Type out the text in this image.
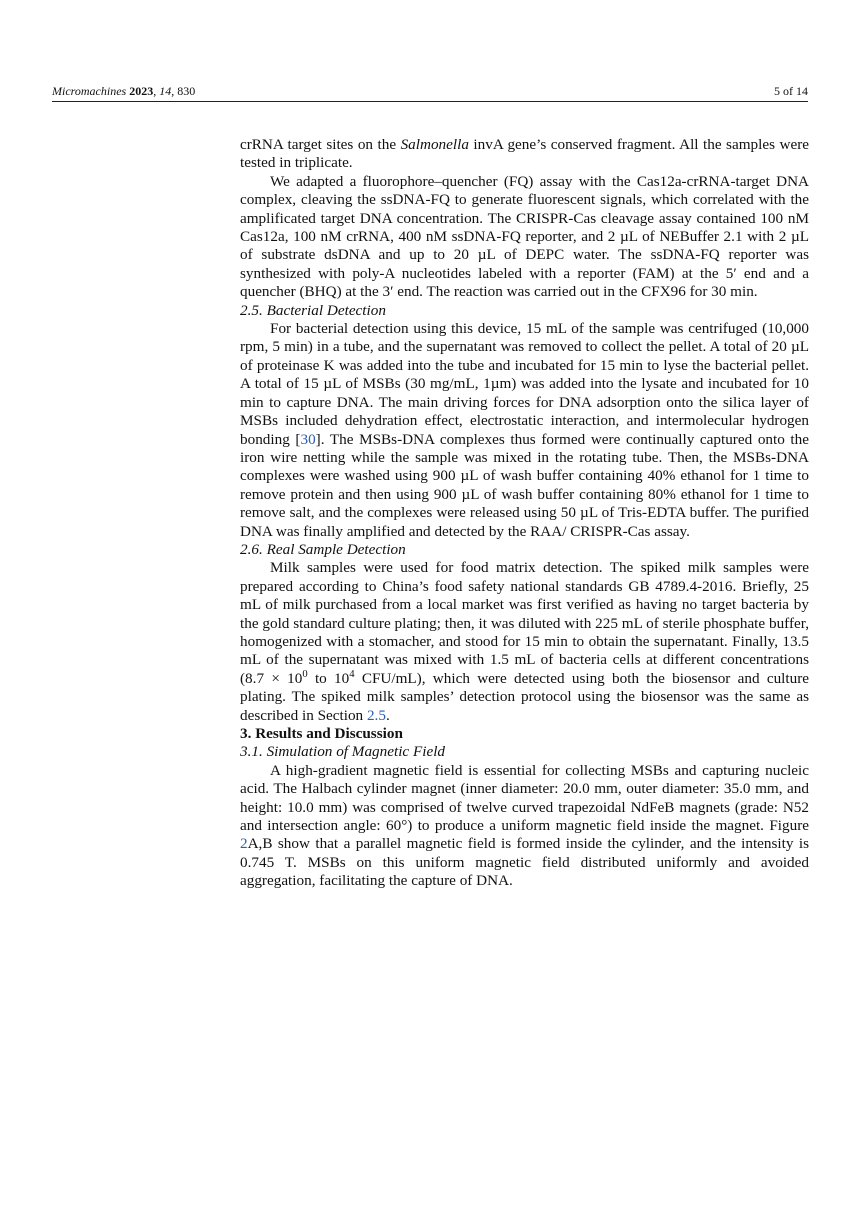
Micromachines 2023, 14, 830	5 of 14

crRNA target sites on the Salmonella invA gene’s conserved fragment. All the samples were tested in triplicate.

We adapted a fluorophore–quencher (FQ) assay with the Cas12a-crRNA-target DNA complex, cleaving the ssDNA-FQ to generate fluorescent signals, which correlated with the amplificated target DNA concentration. The CRISPR-Cas cleavage assay contained 100 nM Cas12a, 100 nM crRNA, 400 nM ssDNA-FQ reporter, and 2 µL of NEBuffer 2.1 with 2 µL of substrate dsDNA and up to 20 µL of DEPC water. The ssDNA-FQ reporter was synthesized with poly-A nucleotides labeled with a reporter (FAM) at the 5′ end and a quencher (BHQ) at the 3′ end. The reaction was carried out in the CFX96 for 30 min.

2.5. Bacterial Detection

For bacterial detection using this device, 15 mL of the sample was centrifuged (10,000 rpm, 5 min) in a tube, and the supernatant was removed to collect the pellet. A total of 20 µL of proteinase K was added into the tube and incubated for 15 min to lyse the bacterial pellet. A total of 15 µL of MSBs (30 mg/mL, 1µm) was added into the lysate and incubated for 10 min to capture DNA. The main driving forces for DNA adsorption onto the silica layer of MSBs included dehydration effect, electrostatic interaction, and intermolecular hydrogen bonding [30]. The MSBs-DNA complexes thus formed were continually captured onto the iron wire netting while the sample was mixed in the rotating tube. Then, the MSBs-DNA complexes were washed using 900 µL of wash buffer containing 40% ethanol for 1 time to remove protein and then using 900 µL of wash buffer containing 80% ethanol for 1 time to remove salt, and the complexes were released using 50 µL of Tris-EDTA buffer. The purified DNA was finally amplified and detected by the RAA/ CRISPR-Cas assay.

2.6. Real Sample Detection

Milk samples were used for food matrix detection. The spiked milk samples were prepared according to China’s food safety national standards GB 4789.4-2016. Briefly, 25 mL of milk purchased from a local market was first verified as having no target bacteria by the gold standard culture plating; then, it was diluted with 225 mL of sterile phosphate buffer, homogenized with a stomacher, and stood for 15 min to obtain the supernatant. Finally, 13.5 mL of the supernatant was mixed with 1.5 mL of bacteria cells at different concentrations ($8.7 \times 10^0$ to $10^4$ CFU/mL), which were detected using both the biosensor and culture plating. The spiked milk samples’ detection protocol using the biosensor was the same as described in Section 2.5.

3. Results and Discussion

3.1. Simulation of Magnetic Field

A high-gradient magnetic field is essential for collecting MSBs and capturing nucleic acid. The Halbach cylinder magnet (inner diameter: 20.0 mm, outer diameter: 35.0 mm, and height: 10.0 mm) was comprised of twelve curved trapezoidal NdFeB magnets (grade: N52 and intersection angle: 60°) to produce a uniform magnetic field inside the magnet. Figure 2A,B show that a parallel magnetic field is formed inside the cylinder, and the intensity is 0.745 T. MSBs on this uniform magnetic field distributed uniformly and avoided aggregation, facilitating the capture of DNA.
